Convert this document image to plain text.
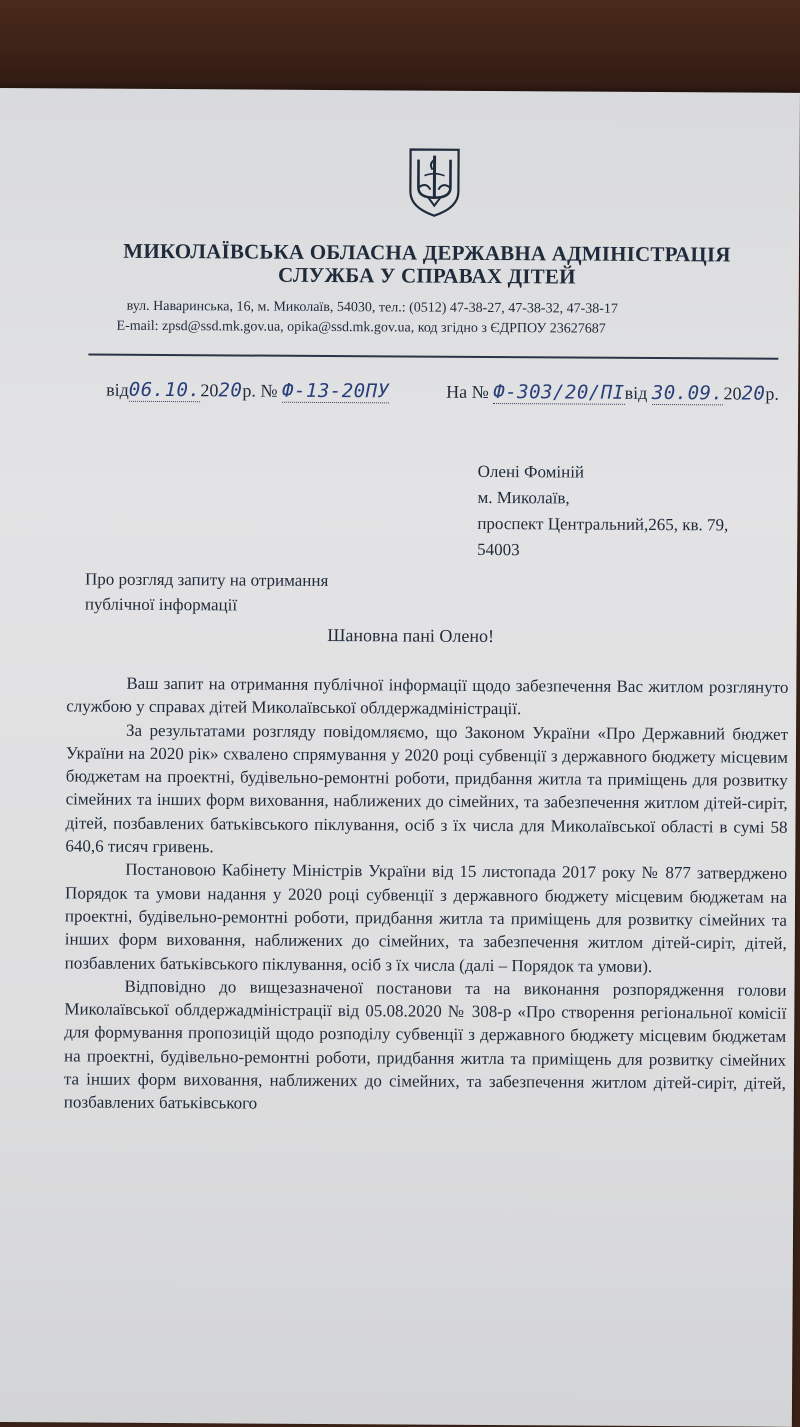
МИКОЛАЇВСЬКА ОБЛАСНА ДЕРЖАВНА АДМІНІСТРАЦІЯ
СЛУЖБА У СПРАВАХ ДІТЕЙ
вул. Наваринська, 16, м. Миколаїв, 54030, тел.: (0512) 47-38-27, 47-38-32, 47-38-17
E-mail: zpsd@ssd.mk.gov.ua, opika@ssd.mk.gov.ua, код згідно з ЄДРПОУ 23627687
від06.10.2020р. № Ф-13-20ПУ	На № Ф-303/20/ПІвід 30.09.2020р.
Олені Фоміній
м. Миколаїв,
проспект Центральний,265, кв. 79,
54003
Про розгляд запиту на отримання
публічної інформації
Шановна пані Олено!

Ваш запит на отримання публічної інформації щодо забезпечення Вас житлом розглянуто службою у справах дітей Миколаївської облдержадміністрації.

За результатами розгляду повідомляємо, що Законом України «Про Державний бюджет України на 2020 рік» схвалено спрямування у 2020 році субвенції з державного бюджету місцевим бюджетам на проектні, будівельно-ремонтні роботи, придбання житла та приміщень для розвитку сімейних та інших форм виховання, наближених до сімейних, та забезпечення житлом дітей-сиріт, дітей, позбавлених батьківського піклування, осіб з їх числа для Миколаївської області в сумі 58 640,6 тисяч гривень.

Постановою Кабінету Міністрів України від 15 листопада 2017 року № 877 затверджено Порядок та умови надання у 2020 році субвенції з державного бюджету місцевим бюджетам на проектні, будівельно-ремонтні роботи, придбання житла та приміщень для розвитку сімейних та інших форм виховання, наближених до сімейних, та забезпечення житлом дітей-сиріт, дітей, позбавлених батьківського піклування, осіб з їх числа (далі – Порядок та умови).

Відповідно до вищезазначеної постанови та на виконання розпорядження голови Миколаївської облдержадміністрації від 05.08.2020 № 308-р «Про створення регіональної комісії для формування пропозицій щодо розподілу субвенції з державного бюджету місцевим бюджетам на проектні, будівельно-ремонтні роботи, придбання житла та приміщень для розвитку сімейних та інших форм виховання, наближених до сімейних, та забезпечення житлом дітей-сиріт, дітей, позбавлених батьківського
